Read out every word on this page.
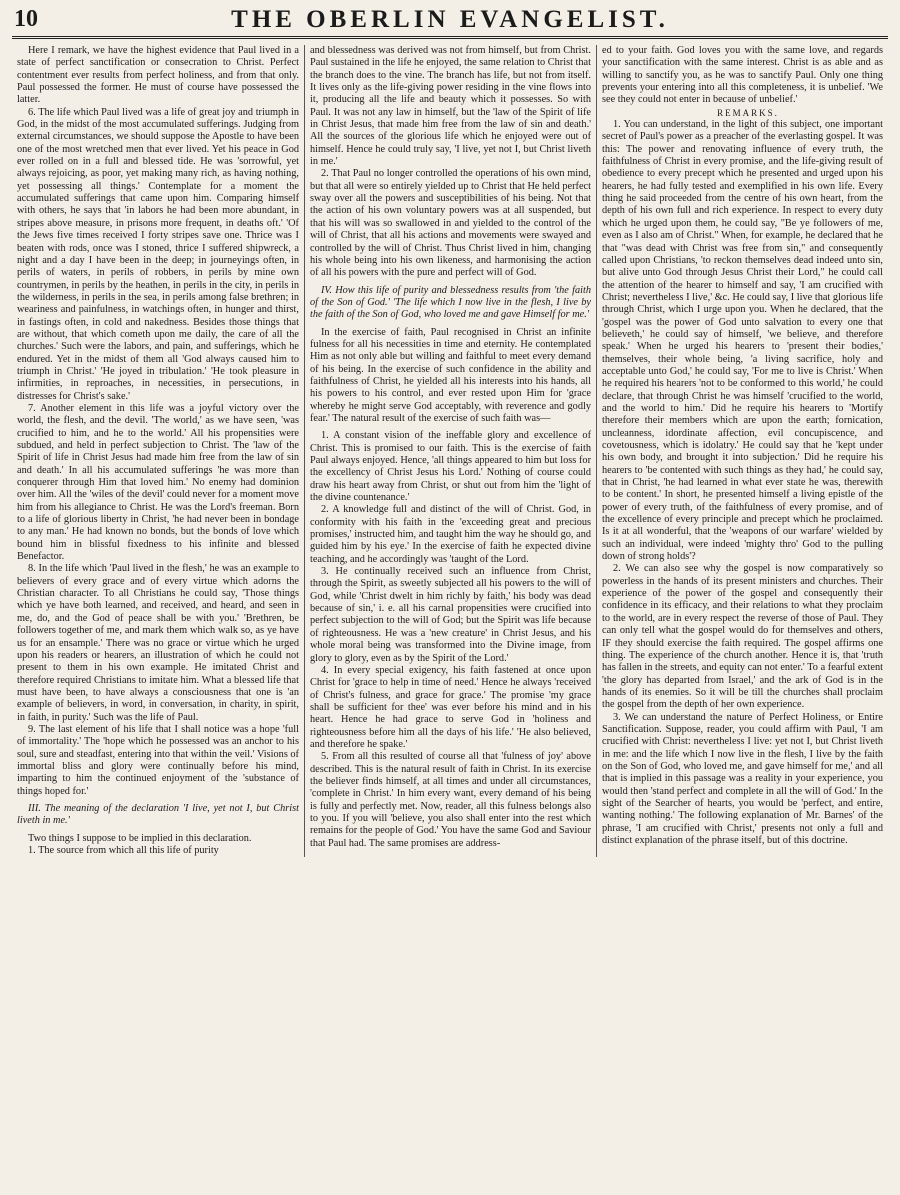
10	THE OBERLIN EVANGELIST.

Here I remark, we have the highest evidence that Paul lived in a state of perfect sanctification or consecration to Christ. Perfect contentment ever results from perfect holiness, and from that only. Paul possessed the former. He must of course have possessed the latter.

6. The life which Paul lived was a life of great joy and triumph in God, in the midst of the most accumulated sufferings. Judging from external circumstances, we should suppose the Apostle to have been one of the most wretched men that ever lived. Yet his peace in God ever rolled on in a full and blessed tide. He was 'sorrowful, yet always rejoicing, as poor, yet making many rich, as having nothing, yet possessing all things.' Contemplate for a moment the accumulated sufferings that came upon him. Comparing himself with others, he says that 'in labors he had been more abundant, in stripes above measure, in prisons more frequent, in deaths oft.' 'Of the Jews five times received I forty stripes save one. Thrice was I beaten with rods, once was I stoned, thrice I suffered shipwreck, a night and a day I have been in the deep; in journeyings often, in perils of waters, in perils of robbers, in perils by mine own countrymen, in perils by the heathen, in perils in the city, in perils in the wilderness, in perils in the sea, in perils among false brethren; in weariness and painfulness, in watchings often, in hunger and thirst, in fastings often, in cold and nakedness. Besides those things that are without, that which cometh upon me daily, the care of all the churches.' Such were the labors, and pain, and sufferings, which he endured. Yet in the midst of them all 'God always caused him to triumph in Christ.' 'He joyed in tribulation.' 'He took pleasure in infirmities, in reproaches, in necessities, in persecutions, in distresses for Christ's sake.'

7. Another element in this life was a joyful victory over the world, the flesh, and the devil. 'The world,' as we have seen, 'was crucified to him, and he to the world.' All his propensities were subdued, and held in perfect subjection to Christ. The 'law of the Spirit of life in Christ Jesus had made him free from the law of sin and death.' In all his accumulated sufferings 'he was more than conquerer through Him that loved him.' No enemy had dominion over him. All the 'wiles of the devil' could never for a moment move him from his allegiance to Christ. He was the Lord's freeman. Born to a life of glorious liberty in Christ, 'he had never been in bondage to any man.' He had known no bonds, but the bonds of love which bound him in blissful fixedness to his infinite and blessed Benefactor.

8. In the life which 'Paul lived in the flesh,' he was an example to believers of every grace and of every virtue which adorns the Christian character. To all Christians he could say, 'Those things which ye have both learned, and received, and heard, and seen in me, do, and the God of peace shall be with you.' 'Brethren, be followers together of me, and mark them which walk so, as ye have us for an ensample.' There was no grace or virtue which he urged upon his readers or hearers, an illustration of which he could not present to them in his own example. He imitated Christ and therefore required Christians to imitate him. What a blessed life that must have been, to have always a consciousness that one is 'an example of believers, in word, in conversation, in charity, in spirit, in faith, in purity.' Such was the life of Paul.

9. The last element of his life that I shall notice was a hope 'full of immortality.' The 'hope which he possessed was an anchor to his soul, sure and steadfast, entering into that within the veil.' Visions of immortal bliss and glory were continually before his mind, imparting to him the continued enjoyment of the 'substance of things hoped for.'

III. The meaning of the declaration 'I live, yet not I, but Christ liveth in me.'

Two things I suppose to be implied in this declaration.

1. The source from which all this life of purity

and blessedness was derived was not from himself, but from Christ. Paul sustained in the life he enjoyed, the same relation to Christ that the branch does to the vine. The branch has life, but not from itself. It lives only as the life-giving power residing in the vine flows into it, producing all the life and beauty which it possesses. So with Paul. It was not any law in himself, but the 'law of the Spirit of life in Christ Jesus, that made him free from the law of sin and death.' All the sources of the glorious life which he enjoyed were out of himself. Hence he could truly say, 'I live, yet not I, but Christ liveth in me.'

2. That Paul no longer controlled the operations of his own mind, but that all were so entirely yielded up to Christ that He held perfect sway over all the powers and susceptibilities of his being. Not that the action of his own voluntary powers was at all suspended, but that his will was so swallowed in and yielded to the control of the will of Christ, that all his actions and movements were swayed and controlled by the will of Christ. Thus Christ lived in him, changing his whole being into his own likeness, and harmonising the action of all his powers with the pure and perfect will of God.

IV. How this life of purity and blessedness results from 'the faith of the Son of God.' 'The life which I now live in the flesh, I live by the faith of the Son of God, who loved me and gave Himself for me.'

In the exercise of faith, Paul recognised in Christ an infinite fulness for all his necessities in time and eternity. He contemplated Him as not only able but willing and faithful to meet every demand of his being. In the exercise of such confidence in the ability and faithfulness of Christ, he yielded all his interests into his hands, all his powers to his control, and ever rested upon Him for 'grace whereby he might serve God acceptably, with reverence and godly fear.' The natural result of the exercise of such faith was—

1. A constant vision of the ineffable glory and excellence of Christ. This is promised to our faith. This is the exercise of faith Paul always enjoyed. Hence, 'all things appeared to him but loss for the excellency of Christ Jesus his Lord.' Nothing of course could draw his heart away from Christ, or shut out from him the 'light of the divine countenance.'

2. A knowledge full and distinct of the will of Christ. God, in conformity with his faith in the 'exceeding great and precious promises,' instructed him, and taught him the way he should go, and guided him by his eye.' In the exercise of faith he expected divine teaching, and he accordingly was 'taught of the Lord.

3. He continually received such an influence from Christ, through the Spirit, as sweetly subjected all his powers to the will of God, while 'Christ dwelt in him richly by faith,' his body was dead because of sin,' i. e. all his carnal propensities were crucified into perfect subjection to the will of God; but the Spirit was life because of righteousness. He was a 'new creature' in Christ Jesus, and his whole moral being was transformed into the Divine image, from glory to glory, even as by the Spirit of the Lord.'

4. In every special exigency, his faith fastened at once upon Christ for 'grace to help in time of need.' Hence he always 'received of Christ's fulness, and grace for grace.' The promise 'my grace shall be sufficient for thee' was ever before his mind and in his heart. Hence he had grace to serve God in 'holiness and righteousness before him all the days of his life.' 'He also believed, and therefore he spake.'

5. From all this resulted of course all that 'fulness of joy' above described. This is the natural result of faith in Christ. In its exercise the believer finds himself, at all times and under all circumstances, 'complete in Christ.' In him every want, every demand of his being is fully and perfectly met. Now, reader, all this fulness belongs also to you. If you will 'believe, you also shall enter into the rest which remains for the people of God.' You have the same God and Saviour that Paul had. The same promises are address-

ed to your faith. God loves you with the same love, and regards your sanctification with the same interest. Christ is as able and as willing to sanctify you, as he was to sanctify Paul. Only one thing prevents your entering into all this completeness, it is unbelief. 'We see they could not enter in because of unbelief.'

REMARKS.

1. You can understand, in the light of this subject, one important secret of Paul's power as a preacher of the everlasting gospel. It was this: The power and renovating influence of every truth, the faithfulness of Christ in every promise, and the life-giving result of obedience to every precept which he presented and urged upon his hearers, he had fully tested and exemplified in his own life. Every thing he said proceeded from the centre of his own heart, from the depth of his own full and rich experience. In respect to every duty which he urged upon them, he could say, "Be ye followers of me, even as I also am of Christ." When, for example, he declared that he that "was dead with Christ was free from sin," and consequently called upon Christians, 'to reckon themselves dead indeed unto sin, but alive unto God through Jesus Christ their Lord," he could call the attention of the hearer to himself and say, 'I am crucified with Christ; nevertheless I live,' &c. He could say, I live that glorious life through Christ, which I urge upon you. When he declared, that the 'gospel was the power of God unto salvation to every one that believeth,' he could say of himself, 'we believe, and therefore speak.' When he urged his hearers to 'present their bodies,' themselves, their whole being, 'a living sacrifice, holy and acceptable unto God,' he could say, 'For me to live is Christ.' When he required his hearers 'not to be conformed to this world,' he could declare, that through Christ he was himself 'crucified to the world, and the world to him.' Did he require his hearers to 'Mortify therefore their members which are upon the earth; fornication, uncleanness, idordinate affection, evil concupiscence, and covetousness, which is idolatry.' He could say that he 'kept under his own body, and brought it into subjection.' Did he require his hearers to 'be contented with such things as they had,' he could say, that in Christ, 'he had learned in what ever state he was, therewith to be content.' In short, he presented himself a living epistle of the power of every truth, of the faithfulness of every promise, and of the excellence of every principle and precept which he proclaimed. Is it at all wonderful, that the 'weapons of our warfare' wielded by such an individual, were indeed 'mighty thro' God to the pulling down of strong holds'?

2. We can also see why the gospel is now comparatively so powerless in the hands of its present ministers and churches. Their experience of the power of the gospel and consequently their confidence in its efficacy, and their relations to what they proclaim to the world, are in every respect the reverse of those of Paul. They can only tell what the gospel would do for themselves and others, IF they should exercise the faith required. The gospel affirms one thing. The experience of the church another. Hence it is, that 'truth has fallen in the streets, and equity can not enter.' To a fearful extent 'the glory has departed from Israel,' and the ark of God is in the hands of its enemies. So it will be till the churches shall proclaim the gospel from the depth of her own experience.

3. We can understand the nature of Perfect Holiness, or Entire Sanctification. Suppose, reader, you could affirm with Paul, 'I am crucified with Christ: nevertheless I live: yet not I, but Christ liveth in me: and the life which I now live in the flesh, I live by the faith on the Son of God, who loved me, and gave himself for me,' and all that is implied in this passage was a reality in your experience, you would then 'stand perfect and complete in all the will of God.' In the sight of the Searcher of hearts, you would be 'perfect, and entire, wanting nothing.' The following explanation of Mr. Barnes' of the phrase, 'I am crucified with Christ,' presents not only a full and distinct explanation of the phrase itself, but of this doctrine.
